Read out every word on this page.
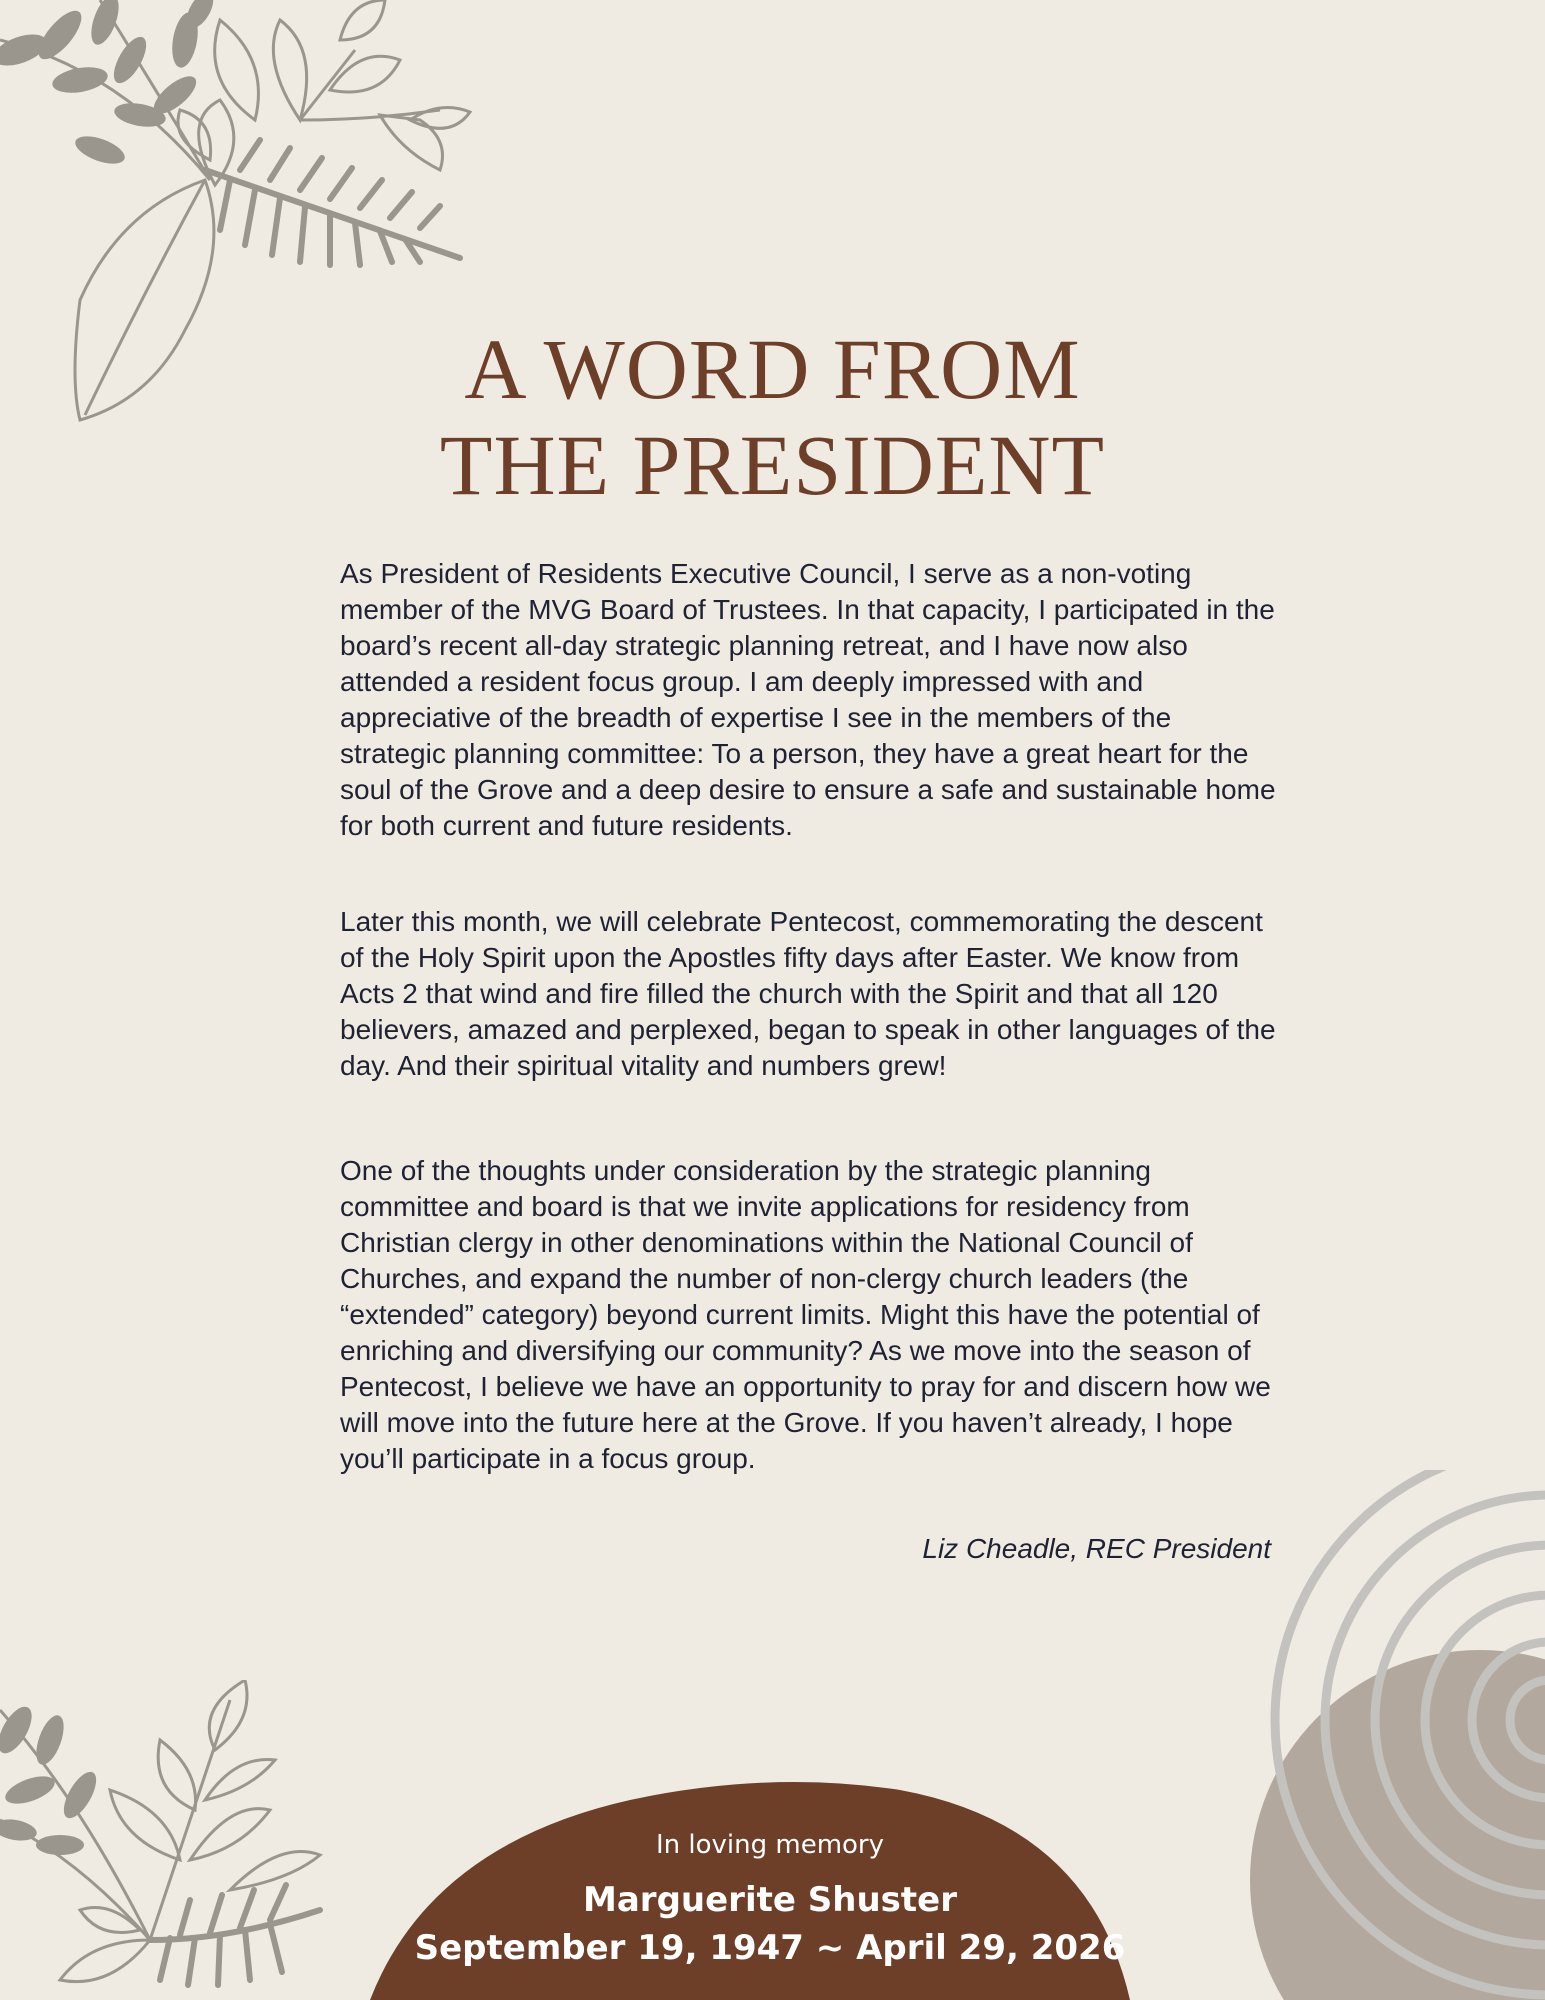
A WORD FROM
THE PRESIDENT

As President of Residents Executive Council, I serve as a non-voting member of the MVG Board of Trustees. In that capacity, I participated in the board’s recent all-day strategic planning retreat, and I have now also attended a resident focus group. I am deeply impressed with and appreciative of the breadth of expertise I see in the members of the strategic planning committee: To a person, they have a great heart for the soul of the Grove and a deep desire to ensure a safe and sustainable home for both current and future residents.

Later this month, we will celebrate Pentecost, commemorating the descent of the Holy Spirit upon the Apostles fifty days after Easter. We know from Acts 2 that wind and fire filled the church with the Spirit and that all 120 believers, amazed and perplexed, began to speak in other languages of the day. And their spiritual vitality and numbers grew!

One of the thoughts under consideration by the strategic planning committee and board is that we invite applications for residency from Christian clergy in other denominations within the National Council of Churches, and expand the number of non-clergy church leaders (the “extended” category) beyond current limits. Might this have the potential of enriching and diversifying our community? As we move into the season of Pentecost, I believe we have an opportunity to pray for and discern how we will move into the future here at the Grove. If you haven’t already, I hope you’ll participate in a focus group.

Liz Cheadle, REC President

In loving memory

Marguerite Shuster

September 19, 1947 ~ April 29, 2026
